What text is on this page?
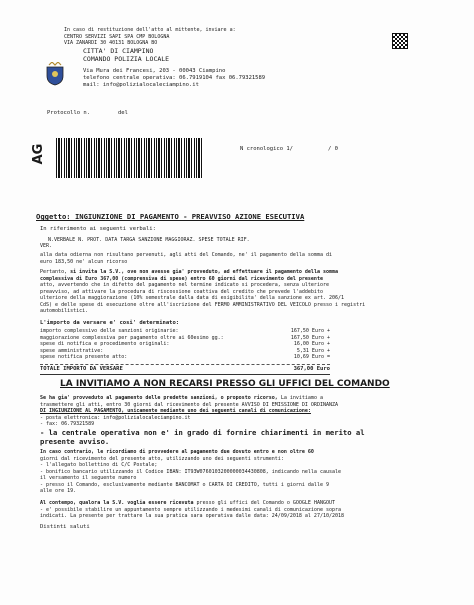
In caso di restituzione dell'atto al mittente, inviare a:
CENTRO SERVIZI SAPI SPA CMP BOLOGNA
VIA ZANARDI 30 40131 BOLOGNA BO
CITTA' DI CIAMPINO
COMANDO POLIZIA LOCALE
Via Mura dei Francesi, 203 - 00043 Ciampino
telefono centrale operativa: 06.7919104 fax 06.79321589
mail: info@polizialocaleciampino.it
Protocollo n.	del
AG	N cronologico 1/	/ 0
Oggetto: INGIUNZIONE DI PAGAMENTO - PREAVVISO AZIONE ESECUTIVA
In riferimento ai seguenti verbali:
N.VERBALE N. PROT. DATA TARGA SANZIONE MAGGIORAZ. SPESE TOTALE RIF.
VER.
alla data odierna non risultano pervenuti, agli atti del Comando, ne' il pagamento della somma di
euro 183,50 ne' alcun ricorso
Pertanto, si invita la S.V., ove non avesse gia' provveduto, ad effettuare il pagamento della somma
complessiva di Euro 367,00 (comprensiva di spese) entro 60 giorni dal ricevimento del presente
atto, avvertendo che in difetto del pagamento nel termine indicato si procedera, senza ulteriore
preavviso, ad attivare la procedura di riscossione coattiva del credito che prevede l'addebito
ulteriore della maggiorazione (10% semestrale dalla data di esigibilita' della sanzione ex art. 206/1
CdS) e delle spese di esecuzione oltre all'iscrizione del FERMO AMMINISTRATIVO DEL VEICOLO presso i registri
automobilistici.
L'importo da versare e' cosi' determinato:
importo complessivo delle sanzioni originarie:	167,50 Euro +
maggiorazione complessiva per pagamento oltre ai 60esimo gg.:	167,50 Euro +
spese di notifica e procedimento originali:	16,00 Euro +
spese amministrative:	5,31 Euro +
spese notifica presente atto:	10,69 Euro =
TOTALE IMPORTO DA VERSARE	367,00 Euro
LA INVITIAMO A NON RECARSI PRESSO GLI UFFICI DEL COMANDO
Se ha gia' provveduto al pagamento delle predette sanzioni, o proposto ricorso, La invitiamo a
trasmettere gli atti, entro 30 giorni dal ricevimento del presente AVVISO DI EMISSIONE DI ORDINANZA
DI INGIUNZIONE AL PAGAMENTO, unicamente mediante uno dei seguenti canali di comunicazione:
- posta elettronica: info@polizialocaleciampino.it
- fax: 06.79321589
- la centrale operativa non e' in grado di fornire chiarimenti in merito al
presente avviso.
In caso contrario, le ricordiamo di provvedere al pagamento due dovuto entro e non oltre 60
giorni dal ricevimento del presente atto, utilizzando uno dei seguenti strumenti:
- l'allegato bollettino di C/C Postale;
- bonifico bancario utilizzando il Codice IBAN: IT93W0760103200000034430808, indicando nella causale
il versamento il seguente numero
- presso il Comando, esclusivamente mediante BANCOMAT o CARTA DI CREDITO, tutti i giorni dalle 9
alle ore 19.
Al contempo, qualora la S.V. voglia essere ricevuta presso gli uffici del Comando o GOOGLE HANGOUT
- e' possibile stabilire un appuntamento sempre utilizzando i medesimi canali di comunicazione sopra
indicati. La presente per trattare la sua pratica sara operativa dalle data: 24/09/2018 al 27/10/2018
Distinti saluti
